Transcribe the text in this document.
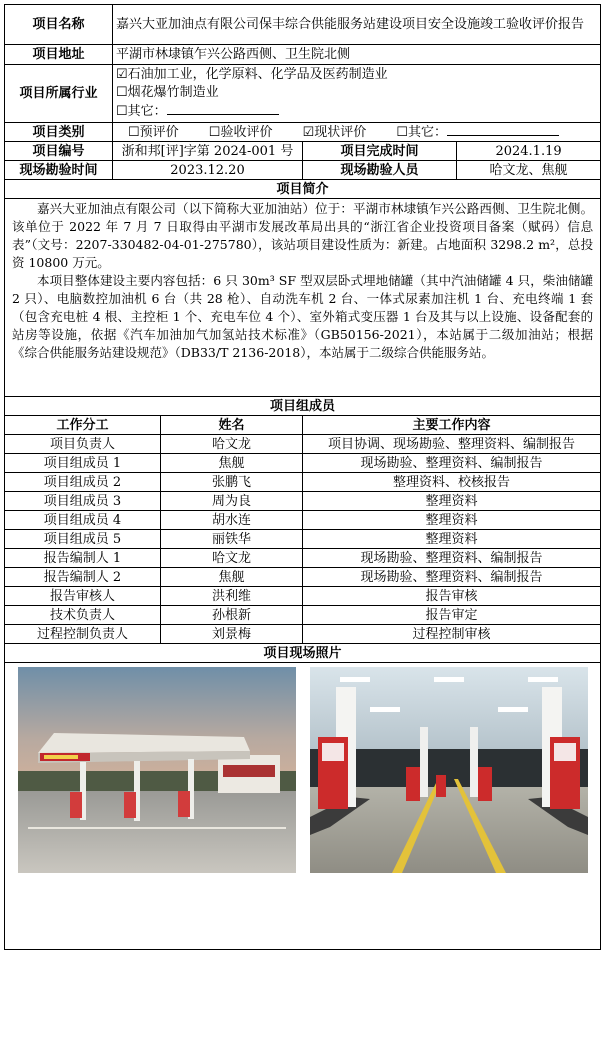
项目名称	嘉兴大亚加油点有限公司保丰综合供能服务站建设项目安全设施竣工验收评价报告			
项目地址	平湖市林埭镇乍兴公路西侧、卫生院北侧			
项目所属行业	☑石油加工业，化学原料、化学品及医药制造业
☐烟花爆竹制造业
☐其它：			

项目类别	☐预评价 ☐验收评价 ☑现状评价 ☐其它：			
项目编号	浙和邦[评]字第 2024-001 号		项目完成时间	2024.1.19
现场勘验时间	2023.12.20		现场勘验人员	哈文龙、焦舰
项目简介				

嘉兴大亚加油点有限公司（以下简称大亚加油站）位于：平湖市林埭镇乍兴公路西侧、卫生院北侧。该单位于 2022 年 7 月 7 日取得由平湖市发展改革局出具的“浙江省企业投资项目备案（赋码）信息表”（文号：2207-330482-04-01-275780），该站项目建设性质为：新建。占地面积 3298.2 m²，总投资 10800 万元。
本项目整体建设主要内容包括：6 只 30m³ SF 型双层卧式埋地储罐（其中汽油储罐 4 只，柴油储罐 2 只）、电脑数控加油机 6 台（共 28 枪）、自动洗车机 2 台、一体式尿素加注机 1 台、充电终端 1 套（包含充电桩 4 根、主控柜 1 个、充电车位 4 个）、室外箱式变压器 1 台及其与以上设施、设备配套的站房等设施，依据《汽车加油加气加氢站技术标准》（GB50156-2021），本站属于二级加油站；根据《综合供能服务站建设规范》（DB33/T 2136-2018），本站属于二级综合供能服务站。				

项目组成员				
工作分工		姓名	主要工作内容	
项目负责人		哈文龙	项目协调、现场勘验、整理资料、编制报告	
项目组成员 1		焦舰	现场勘验、整理资料、编制报告	
项目组成员 2		张鹏飞	整理资料、校核报告	
项目组成员 3		周为良	整理资料	
项目组成员 4		胡水连	整理资料	
项目组成员 5		丽铁华	整理资料	
报告编制人 1		哈文龙	现场勘验、整理资料、编制报告	
报告编制人 2		焦舰	现场勘验、整理资料、编制报告	
报告审核人		洪利维	报告审核	
技术负责人		孙根新	报告审定	
过程控制负责人		刘景梅	过程控制审核	
项目现场照片				
